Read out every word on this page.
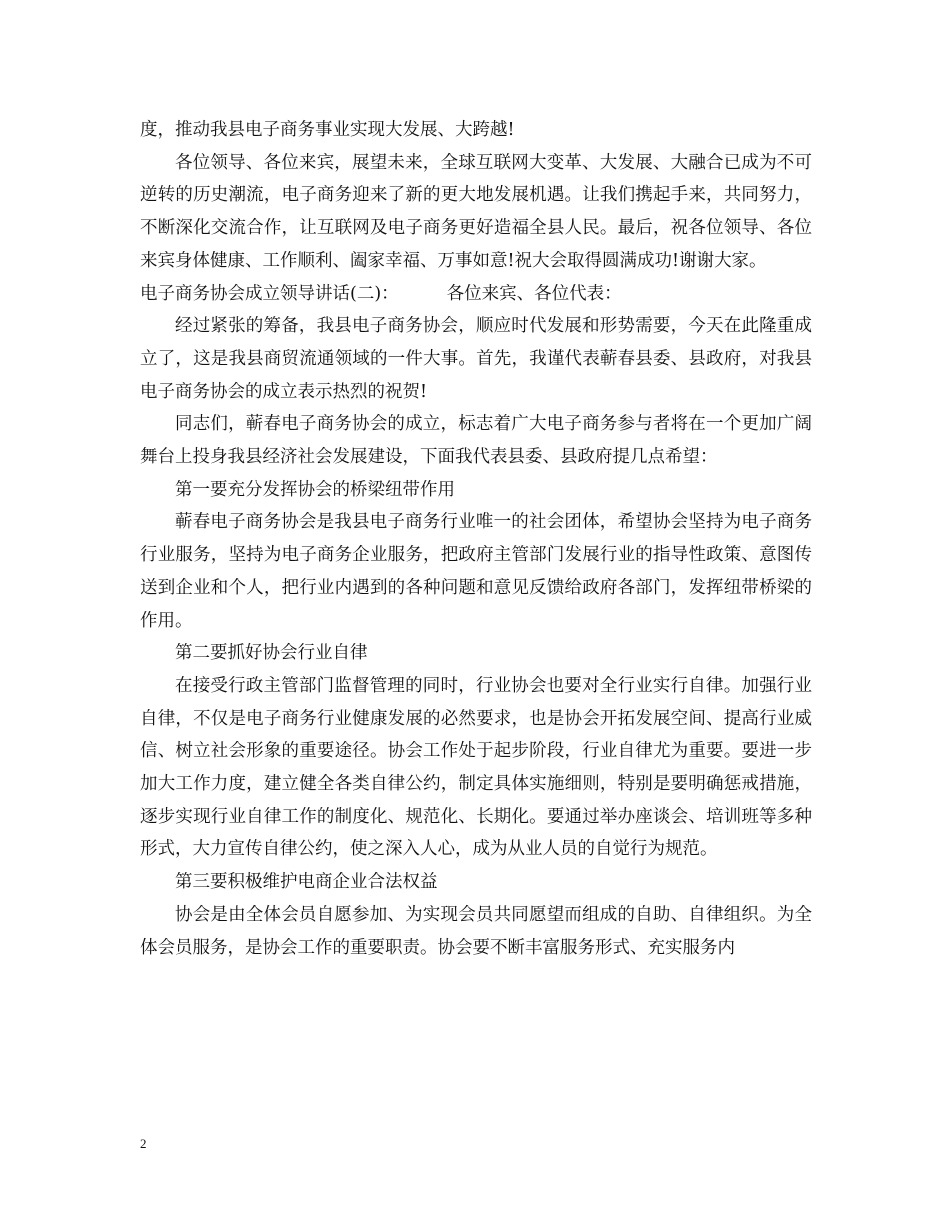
度，推动我县电子商务事业实现大发展、大跨越!

各位领导、各位来宾，展望未来，全球互联网大变革、大发展、大融合已成为不可逆转的历史潮流，电子商务迎来了新的更大地发展机遇。让我们携起手来，共同努力，不断深化交流合作，让互联网及电子商务更好造福全县人民。最后，祝各位领导、各位来宾身体健康、工作顺利、阖家幸福、万事如意!祝大会取得圆满成功!谢谢大家。

电子商务协会成立领导讲话(二)：	各位来宾、各位代表：

经过紧张的筹备，我县电子商务协会，顺应时代发展和形势需要，今天在此隆重成立了，这是我县商贸流通领域的一件大事。首先，我谨代表蕲春县委、县政府，对我县电子商务协会的成立表示热烈的祝贺!

同志们，蕲春电子商务协会的成立，标志着广大电子商务参与者将在一个更加广阔舞台上投身我县经济社会发展建设，下面我代表县委、县政府提几点希望：

第一要充分发挥协会的桥梁纽带作用

蕲春电子商务协会是我县电子商务行业唯一的社会团体，希望协会坚持为电子商务行业服务，坚持为电子商务企业服务，把政府主管部门发展行业的指导性政策、意图传送到企业和个人，把行业内遇到的各种问题和意见反馈给政府各部门，发挥纽带桥梁的作用。

第二要抓好协会行业自律

在接受行政主管部门监督管理的同时，行业协会也要对全行业实行自律。加强行业自律，不仅是电子商务行业健康发展的必然要求，也是协会开拓发展空间、提高行业威信、树立社会形象的重要途径。协会工作处于起步阶段，行业自律尤为重要。要进一步加大工作力度，建立健全各类自律公约，制定具体实施细则，特别是要明确惩戒措施，逐步实现行业自律工作的制度化、规范化、长期化。要通过举办座谈会、培训班等多种形式，大力宣传自律公约，使之深入人心，成为从业人员的自觉行为规范。

第三要积极维护电商企业合法权益

协会是由全体会员自愿参加、为实现会员共同愿望而组成的自助、自律组织。为全体会员服务，是协会工作的重要职责。协会要不断丰富服务形式、充实服务内

2
